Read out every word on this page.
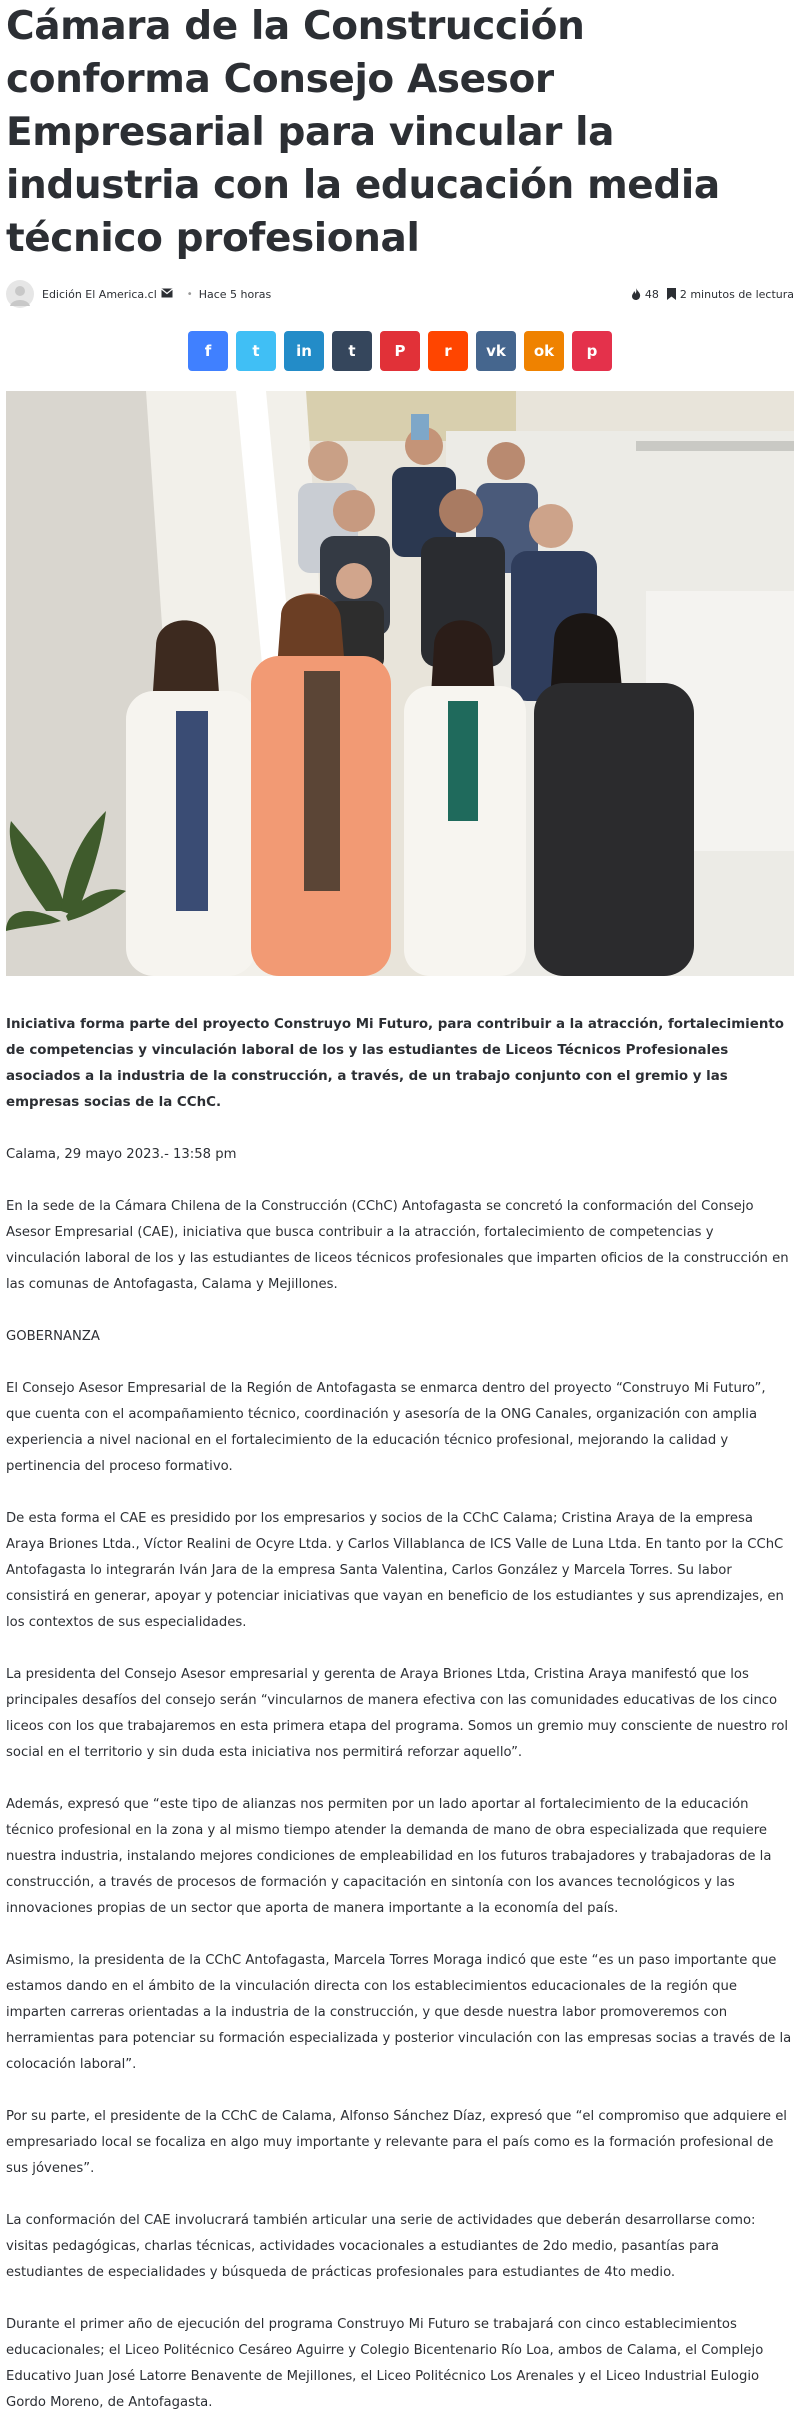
Cámara de la Construcción conforma Consejo Asesor Empresarial para vincular la industria con la educación media técnico profesional
Edición El America.cl	• Hace 5 horas	48 2 minutos de lectura
f	t in t	P	r vk ok p

Iniciativa forma parte del proyecto Construyo Mi Futuro, para contribuir a la atracción, fortalecimiento de competencias y vinculación laboral de los y las estudiantes de Liceos Técnicos Profesionales asociados a la industria de la construcción, a través, de un trabajo conjunto con el gremio y las empresas socias de la CChC.

Calama, 29 mayo 2023.- 13:58 pm

En la sede de la Cámara Chilena de la Construcción (CChC) Antofagasta se concretó la conformación del Consejo Asesor Empresarial (CAE), iniciativa que busca contribuir a la atracción, fortalecimiento de competencias y vinculación laboral de los y las estudiantes de liceos técnicos profesionales que imparten oficios de la construcción en las comunas de Antofagasta, Calama y Mejillones.

GOBERNANZA

El Consejo Asesor Empresarial de la Región de Antofagasta se enmarca dentro del proyecto “Construyo Mi Futuro”, que cuenta con el acompañamiento técnico, coordinación y asesoría de la ONG Canales, organización con amplia experiencia a nivel nacional en el fortalecimiento de la educación técnico profesional, mejorando la calidad y pertinencia del proceso formativo.

De esta forma el CAE es presidido por los empresarios y socios de la CChC Calama; Cristina Araya de la empresa Araya Briones Ltda., Víctor Realini de Ocyre Ltda. y Carlos Villablanca de ICS Valle de Luna Ltda. En tanto por la CChC Antofagasta lo integrarán Iván Jara de la empresa Santa Valentina, Carlos González y Marcela Torres. Su labor consistirá en generar, apoyar y potenciar iniciativas que vayan en beneficio de los estudiantes y sus aprendizajes, en los contextos de sus especialidades.

La presidenta del Consejo Asesor empresarial y gerenta de Araya Briones Ltda, Cristina Araya manifestó que los principales desafíos del consejo serán “vincularnos de manera efectiva con las comunidades educativas de los cinco liceos con los que trabajaremos en esta primera etapa del programa. Somos un gremio muy consciente de nuestro rol social en el territorio y sin duda esta iniciativa nos permitirá reforzar aquello”.

Además, expresó que “este tipo de alianzas nos permiten por un lado aportar al fortalecimiento de la educación técnico profesional en la zona y al mismo tiempo atender la demanda de mano de obra especializada que requiere nuestra industria, instalando mejores condiciones de empleabilidad en los futuros trabajadores y trabajadoras de la construcción, a través de procesos de formación y capacitación en sintonía con los avances tecnológicos y las innovaciones propias de un sector que aporta de manera importante a la economía del país.

Asimismo, la presidenta de la CChC Antofagasta, Marcela Torres Moraga indicó que este “es un paso importante que estamos dando en el ámbito de la vinculación directa con los establecimientos educacionales de la región que imparten carreras orientadas a la industria de la construcción, y que desde nuestra labor promoveremos con herramientas para potenciar su formación especializada y posterior vinculación con las empresas socias a través de la colocación laboral”.

Por su parte, el presidente de la CChC de Calama, Alfonso Sánchez Díaz, expresó que “el compromiso que adquiere el empresariado local se focaliza en algo muy importante y relevante para el país como es la formación profesional de sus jóvenes”.

La conformación del CAE involucrará también articular una serie de actividades que deberán desarrollarse como: visitas pedagógicas, charlas técnicas, actividades vocacionales a estudiantes de 2do medio, pasantías para estudiantes de especialidades y búsqueda de prácticas profesionales para estudiantes de 4to medio.

Durante el primer año de ejecución del programa Construyo Mi Futuro se trabajará con cinco establecimientos educacionales; el Liceo Politécnico Cesáreo Aguirre y Colegio Bicentenario Río Loa, ambos de Calama, el Complejo Educativo Juan José Latorre Benavente de Mejillones, el Liceo Politécnico Los Arenales y el Liceo Industrial Eulogio Gordo Moreno, de Antofagasta.
